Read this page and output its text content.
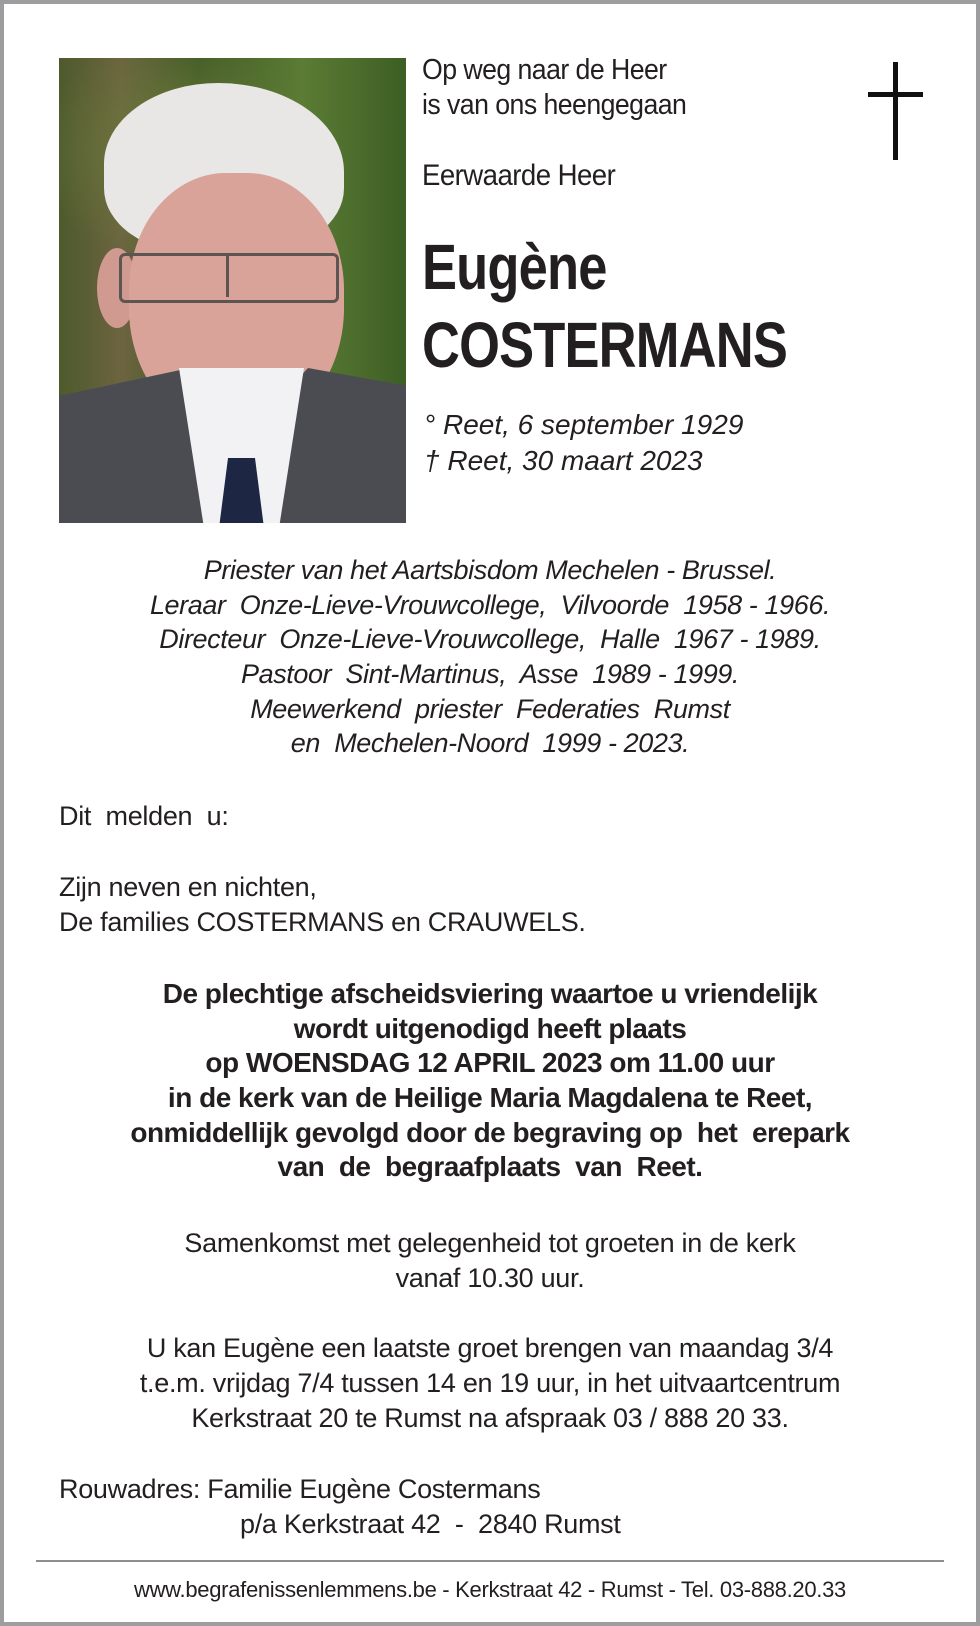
Op weg naar de Heer
is van ons heengegaan
Eerwaarde Heer
Eugène
COSTERMANS
° Reet, 6 september 1929
† Reet, 30 maart 2023
Priester van het Aartsbisdom Mechelen - Brussel.
Leraar  Onze-Lieve-Vrouwcollege,  Vilvoorde  1958 - 1966.
Directeur  Onze-Lieve-Vrouwcollege,  Halle  1967 - 1989.
Pastoor  Sint-Martinus,  Asse  1989 - 1999.
Meewerkend  priester  Federaties  Rumst
en  Mechelen-Noord  1999 - 2023.
Dit  melden  u:
Zijn neven en nichten,
De families COSTERMANS en CRAUWELS.
De plechtige afscheidsviering waartoe u vriendelijk
wordt uitgenodigd heeft plaats
op WOENSDAG 12 APRIL 2023 om 11.00 uur
in de kerk van de Heilige Maria Magdalena te Reet,
onmiddellijk gevolgd door de begraving op  het  erepark
van  de  begraafplaats  van  Reet.
Samenkomst met gelegenheid tot groeten in de kerk
vanaf 10.30 uur.
U kan Eugène een laatste groet brengen van maandag 3/4
t.e.m. vrijdag 7/4 tussen 14 en 19 uur, in het uitvaartcentrum
Kerkstraat 20 te Rumst na afspraak 03 / 888 20 33.
Rouwadres: Familie Eugène Costermans
p/a Kerkstraat 42  -  2840 Rumst
www.begrafenissenlemmens.be - Kerkstraat 42 - Rumst - Tel. 03-888.20.33
